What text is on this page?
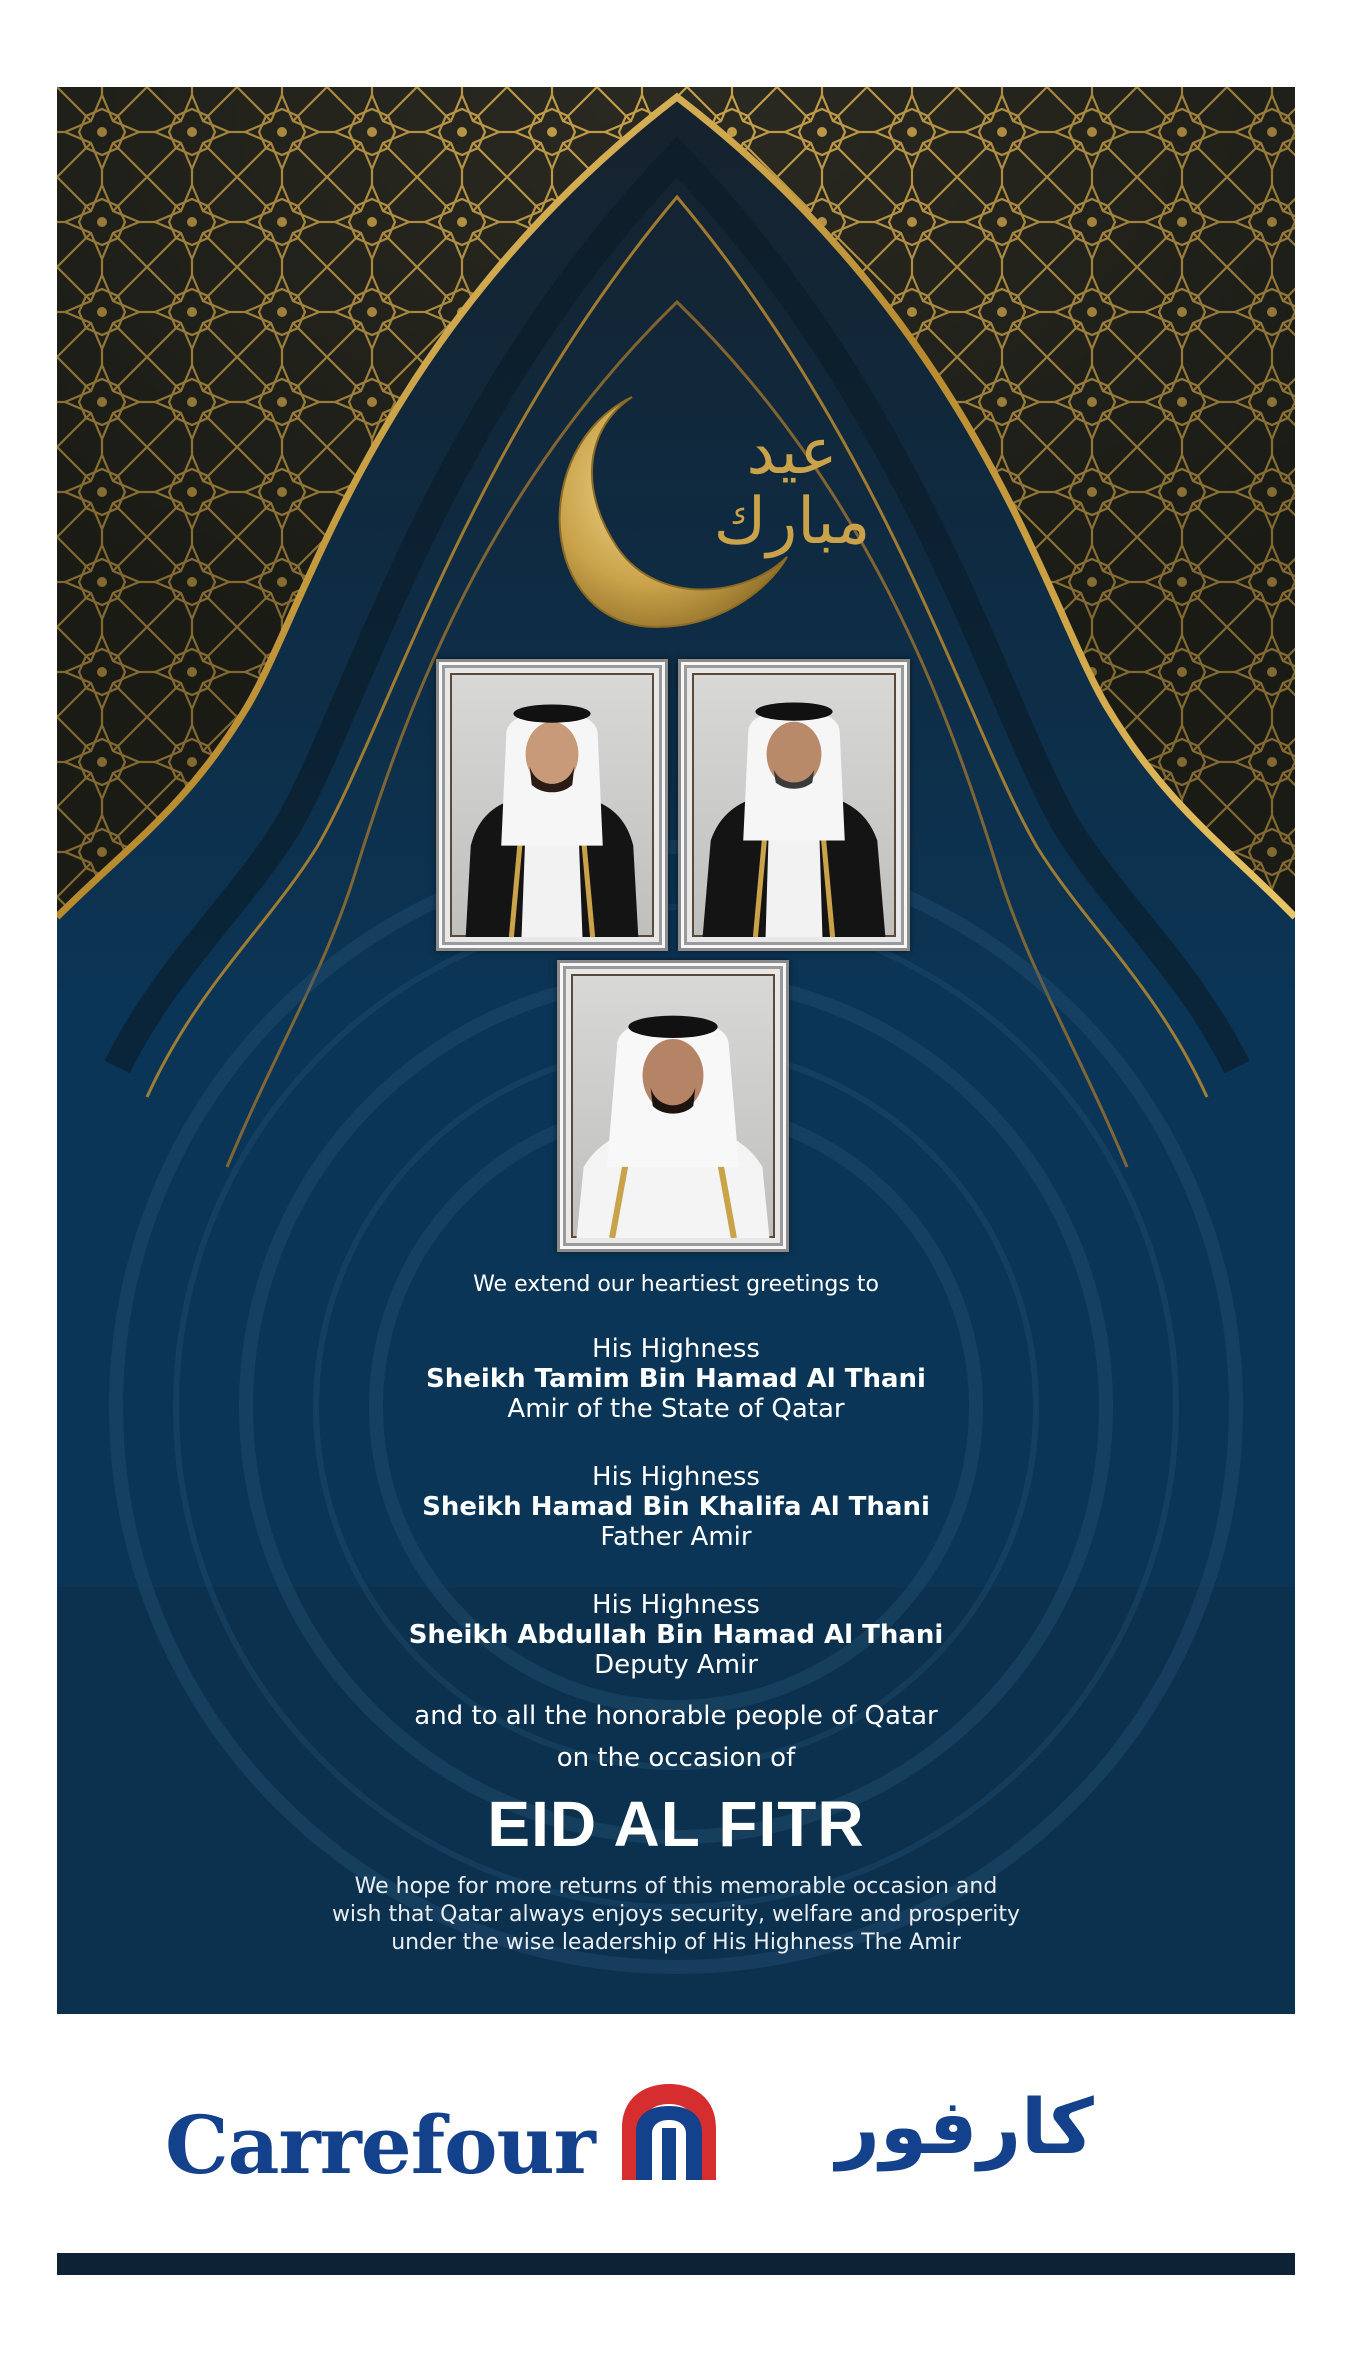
عيد مبارك
We extend our heartiest greetings to
His Highness
Sheikh Tamim Bin Hamad Al Thani
Amir of the State of Qatar
His Highness
Sheikh Hamad Bin Khalifa Al Thani
Father Amir
His Highness
Sheikh Abdullah Bin Hamad Al Thani
Deputy Amir
and to all the honorable people of Qatar
on the occasion of
EID AL FITR
We hope for more returns of this memorable occasion and
wish that Qatar always enjoys security, welfare and prosperity
under the wise leadership of His Highness The Amir
Carrefour	كارفور
